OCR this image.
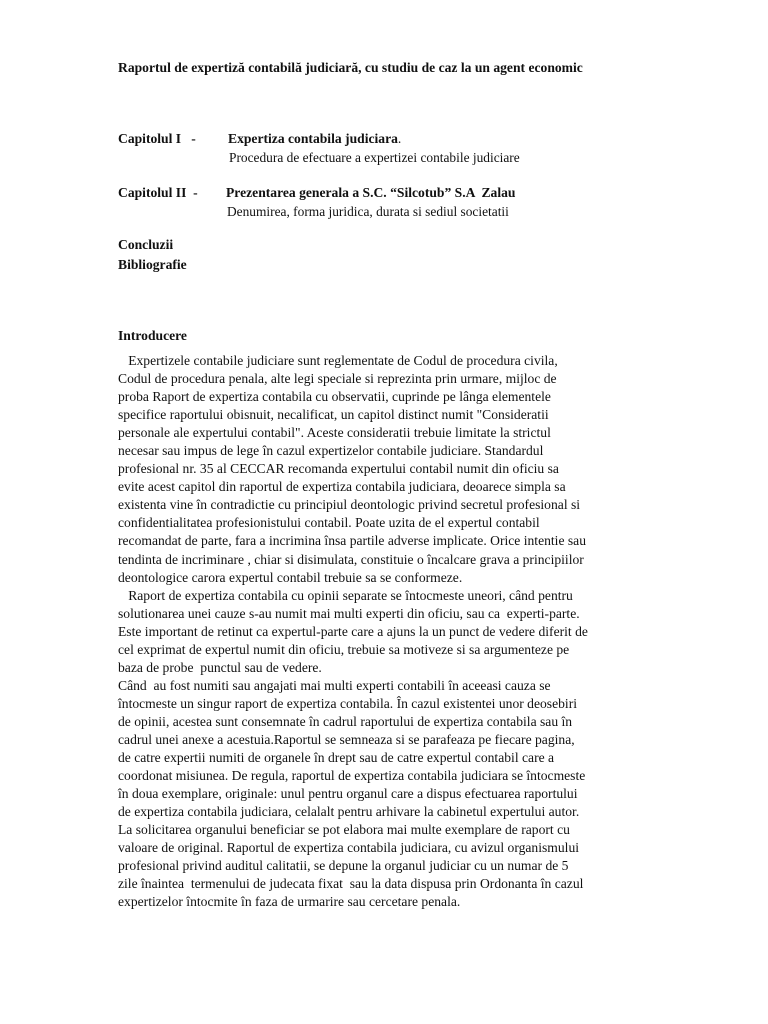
Raportul de expertiză contabilă judiciară, cu studiu de caz la un agent economic
Capitolul I   - Expertiza contabila judiciara.
Procedura de efectuare a expertizei contabile judiciare
Capitolul II  - Prezentarea generala a S.C. “Silcotub” S.A  Zalau
Denumirea, forma juridica, durata si sediul societatii
Concluzii
Bibliografie
Introducere
Expertizele contabile judiciare sunt reglementate de Codul de procedura civila,
Codul de procedura penala, alte legi speciale si reprezinta prin urmare, mijloc de
proba Raport de expertiza contabila cu observatii, cuprinde pe lânga elementele
specifice raportului obisnuit, necalificat, un capitol distinct numit "Consideratii
personale ale expertului contabil". Aceste consideratii trebuie limitate la strictul
necesar sau impus de lege în cazul expertizelor contabile judiciare. Standardul
profesional nr. 35 al CECCAR recomanda expertului contabil numit din oficiu sa
evite acest capitol din raportul de expertiza contabila judiciara, deoarece simpla sa
existenta vine în contradictie cu principiul deontologic privind secretul profesional si
confidentialitatea profesionistului contabil. Poate uzita de el expertul contabil
recomandat de parte, fara a incrimina însa partile adverse implicate. Orice intentie sau
tendinta de incriminare , chiar si disimulata, constituie o încalcare grava a principiilor
deontologice carora expertul contabil trebuie sa se conformeze.
Raport de expertiza contabila cu opinii separate se întocmeste uneori, când pentru
solutionarea unei cauze s-au numit mai multi experti din oficiu, sau ca  experti-parte.
Este important de retinut ca expertul-parte care a ajuns la un punct de vedere diferit de
cel exprimat de expertul numit din oficiu, trebuie sa motiveze si sa argumenteze pe
baza de probe  punctul sau de vedere.
Când  au fost numiti sau angajati mai multi experti contabili în aceeasi cauza se
întocmeste un singur raport de expertiza contabila. În cazul existentei unor deosebiri
de opinii, acestea sunt consemnate în cadrul raportului de expertiza contabila sau în
cadrul unei anexe a acestuia.Raportul se semneaza si se parafeaza pe fiecare pagina,
de catre expertii numiti de organele în drept sau de catre expertul contabil care a
coordonat misiunea. De regula, raportul de expertiza contabila judiciara se întocmeste
în doua exemplare, originale: unul pentru organul care a dispus efectuarea raportului
de expertiza contabila judiciara, celalalt pentru arhivare la cabinetul expertului autor.
La solicitarea organului beneficiar se pot elabora mai multe exemplare de raport cu
valoare de original. Raportul de expertiza contabila judiciara, cu avizul organismului
profesional privind auditul calitatii, se depune la organul judiciar cu un numar de 5
zile înaintea  termenului de judecata fixat  sau la data dispusa prin Ordonanta în cazul
expertizelor întocmite în faza de urmarire sau cercetare penala.
